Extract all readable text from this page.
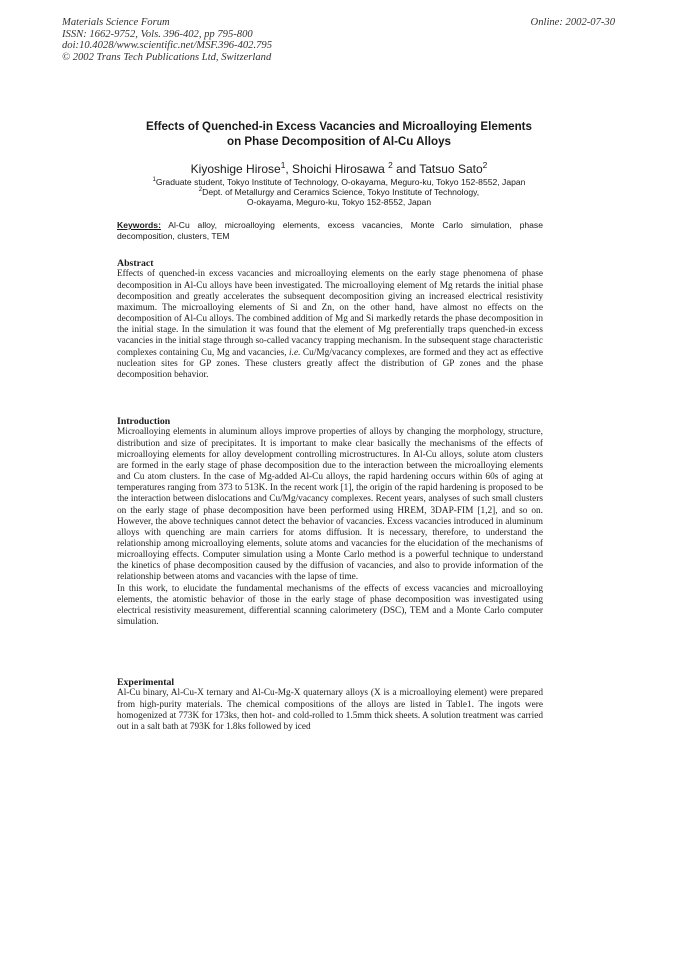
Materials Science Forum
ISSN: 1662-9752, Vols. 396-402, pp 795-800
doi:10.4028/www.scientific.net/MSF.396-402.795
© 2002 Trans Tech Publications Ltd, Switzerland
Online: 2002-07-30
Effects of Quenched-in Excess Vacancies and Microalloying Elements
on Phase Decomposition of Al-Cu Alloys
Kiyoshige Hirose$^1$, Shoichi Hirosawa $^2$ and Tatsuo Sato$^2$
$^1$Graduate student, Tokyo Institute of Technology, O-okayama, Meguro-ku, Tokyo 152-8552, Japan
$^2$Dept. of Metallurgy and Ceramics Science, Tokyo Institute of Technology,
O-okayama, Meguro-ku, Tokyo 152-8552, Japan
Keywords: Al-Cu alloy, microalloying elements, excess vacancies, Monte Carlo simulation, phase decomposition, clusters, TEM
Abstract

Effects of quenched-in excess vacancies and microalloying elements on the early stage phenomena of phase decomposition in Al-Cu alloys have been investigated. The microalloying element of Mg retards the initial phase decomposition and greatly accelerates the subsequent decomposition giving an increased electrical resistivity maximum. The microalloying elements of Si and Zn, on the other hand, have almost no effects on the decomposition of Al-Cu alloys. The combined addition of Mg and Si markedly retards the phase decomposition in the initial stage. In the simulation it was found that the element of Mg preferentially traps quenched-in excess vacancies in the initial stage through so-called vacancy trapping mechanism. In the subsequent stage characteristic complexes containing Cu, Mg and vacancies, i.e. Cu/Mg/vacancy complexes, are formed and they act as effective nucleation sites for GP zones. These clusters greatly affect the distribution of GP zones and the phase decomposition behavior.

Introduction

Microalloying elements in aluminum alloys improve properties of alloys by changing the morphology, structure, distribution and size of precipitates. It is important to make clear basically the mechanisms of the effects of microalloying elements for alloy development controlling microstructures. In Al-Cu alloys, solute atom clusters are formed in the early stage of phase decomposition due to the interaction between the microalloying elements and Cu atom clusters. In the case of Mg-added Al-Cu alloys, the rapid hardening occurs within 60s of aging at temperatures ranging from 373 to 513K. In the recent work [1], the origin of the rapid hardening is proposed to be the interaction between dislocations and Cu/Mg/vacancy complexes. Recent years, analyses of such small clusters on the early stage of phase decomposition have been performed using HREM, 3DAP-FIM [1,2], and so on. However, the above techniques cannot detect the behavior of vacancies. Excess vacancies introduced in aluminum alloys with quenching are main carriers for atoms diffusion. It is necessary, therefore, to understand the relationship among microalloying elements, solute atoms and vacancies for the elucidation of the mechanisms of microalloying effects. Computer simulation using a Monte Carlo method is a powerful technique to understand the kinetics of phase decomposition caused by the diffusion of vacancies, and also to provide information of the relationship between atoms and vacancies with the lapse of time.

In this work, to elucidate the fundamental mechanisms of the effects of excess vacancies and microalloying elements, the atomistic behavior of those in the early stage of phase decomposition was investigated using electrical resistivity measurement, differential scanning calorimetery (DSC), TEM and a Monte Carlo computer simulation.

Experimental

Al-Cu binary, Al-Cu-X ternary and Al-Cu-Mg-X quaternary alloys (X is a microalloying element) were prepared from high-purity materials. The chemical compositions of the alloys are listed in Table1. The ingots were homogenized at 773K for 173ks, then hot- and cold-rolled to 1.5mm thick sheets. A solution treatment was carried out in a salt bath at 793K for 1.8ks followed by iced
